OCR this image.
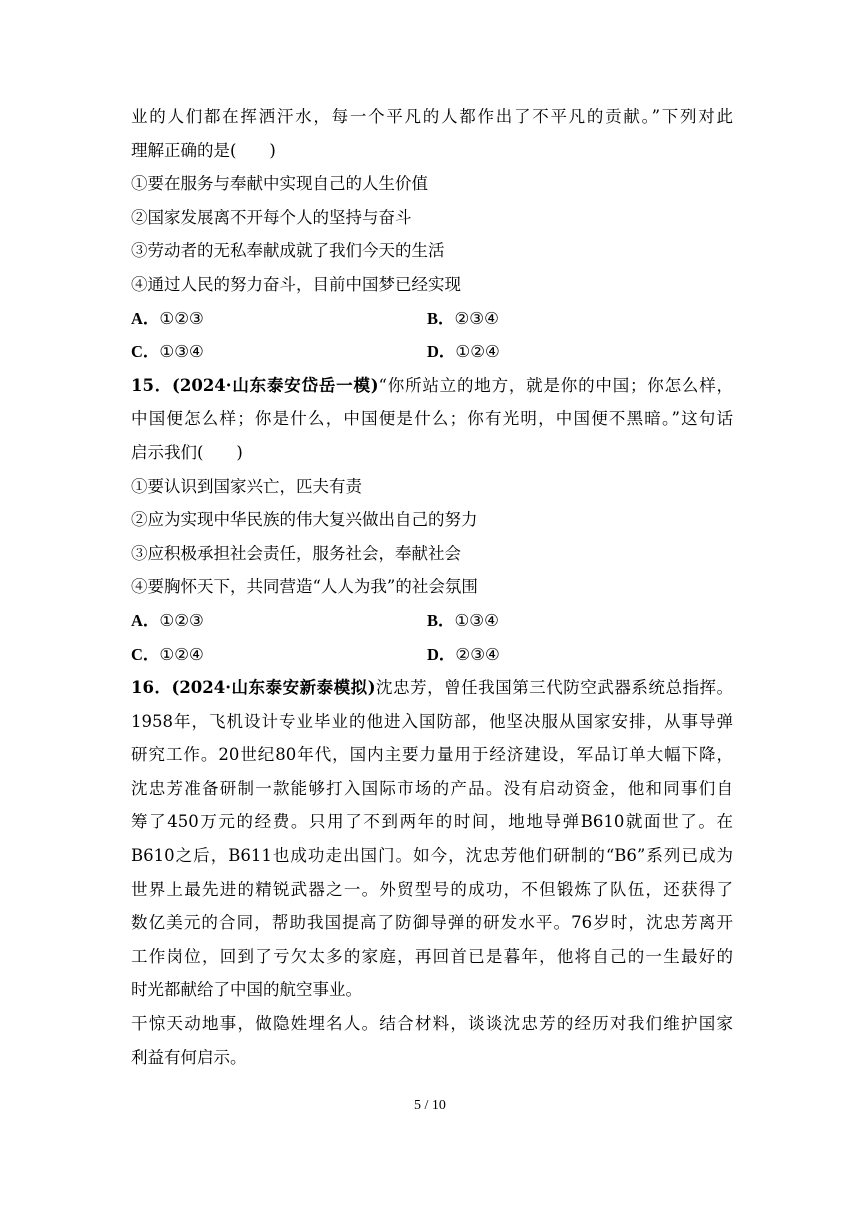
业的人们都在挥洒汗水，每一个平凡的人都作出了不平凡的贡献。”下列对此
理解正确的是(　　)
①要在服务与奉献中实现自己的人生价值
②国家发展离不开每个人的坚持与奋斗
③劳动者的无私奉献成就了我们今天的生活
④通过人民的努力奋斗，目前中国梦已经实现
A．①②③	B．②③④
C．①③④	D．①②④
15．(2024·山东泰安岱岳一模)“你所站立的地方，就是你的中国；你怎么样，
中国便怎么样；你是什么，中国便是什么；你有光明，中国便不黑暗。”这句话
启示我们(　　)
①要认识到国家兴亡，匹夫有责
②应为实现中华民族的伟大复兴做出自己的努力
③应积极承担社会责任，服务社会，奉献社会
④要胸怀天下，共同营造“人人为我”的社会氛围
A．①②③	B．①③④
C．①②④	D．②③④
16．(2024·山东泰安新泰模拟)沈忠芳，曾任我国第三代防空武器系统总指挥。
1958年，飞机设计专业毕业的他进入国防部，他坚决服从国家安排，从事导弹
研究工作。20世纪80年代，国内主要力量用于经济建设，军品订单大幅下降，
沈忠芳准备研制一款能够打入国际市场的产品。没有启动资金，他和同事们自
筹了450万元的经费。只用了不到两年的时间，地地导弹B610就面世了。在
B610之后，B611也成功走出国门。如今，沈忠芳他们研制的“B6”系列已成为
世界上最先进的精锐武器之一。外贸型号的成功，不但锻炼了队伍，还获得了
数亿美元的合同，帮助我国提高了防御导弹的研发水平。76岁时，沈忠芳离开
工作岗位，回到了亏欠太多的家庭，再回首已是暮年，他将自己的一生最好的
时光都献给了中国的航空事业。
干惊天动地事，做隐姓埋名人。结合材料，谈谈沈忠芳的经历对我们维护国家
利益有何启示。
5 / 10
